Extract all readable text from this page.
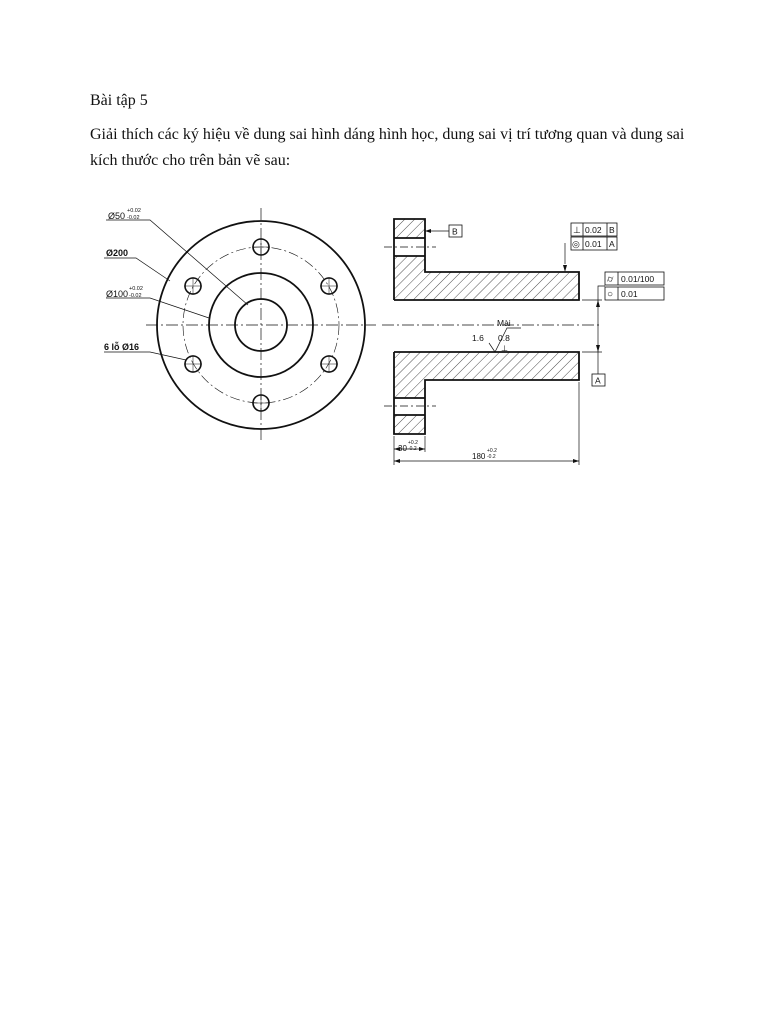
Bài tập 5
Giải thích các ký hiệu về dung sai hình dáng hình học, dung sai vị trí tương quan và dung sai kích thước cho trên bản vẽ sau:
Ø50 +0.02
-0.02
Ø200
Ø100 +0.02
-0.02
6 lỗ Ø16
B	⊥ 0.02 B
◎ 0.01 A
⌭ 0.01/100
○ 0.01
A
Mài
1.6 0.8
⊥
30
+0.2
-0.2
180
+0.2
-0.2
